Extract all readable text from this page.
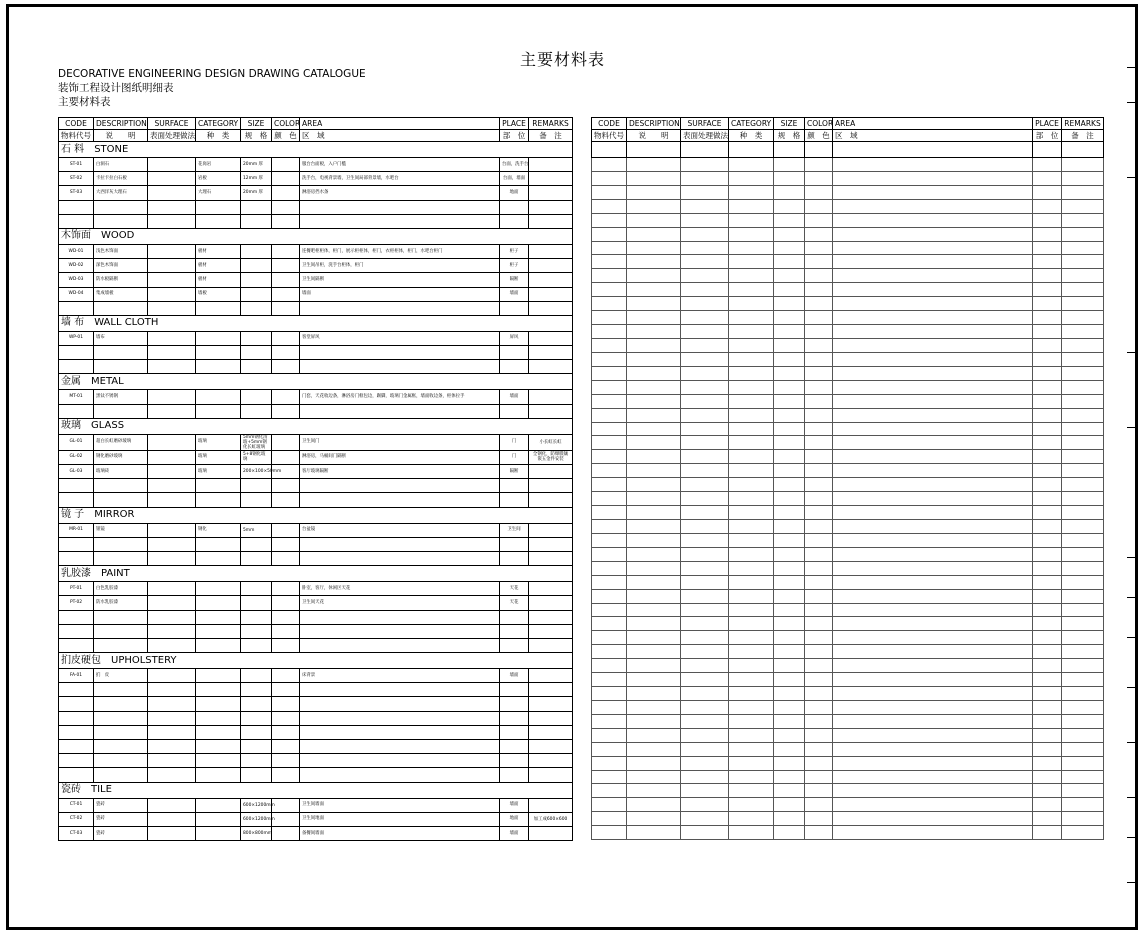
主要材料表
DECORATIVE ENGINEERING DESIGN DRAWING CATALOGUE
装饰工程设计图纸明细表
主要材料表
CODE	DESCRIPTION	SURFACE	CATEGORY	SIZE	COLOR	AREA	PLACE	REMARKS
物料代号	说　　明	表面处理做法	种　类	规　格	颜　色	区　域	部　位	备　注
石 料 STONE								
ST-01	白洞石		花岗岩	20mm 厚		服台台面板，入户门槛	台面，洗手台	
ST-02	卡拉卡拉白石板		岩板	12mm 厚		洗手台，电视背景墙，卫生间局部背景墙，水吧台	台面，墙面	
ST-03	大西洋灰大理石		大理石	20mm 厚		淋浴房挡水条	地面	

木饰面 WOOD								
WD-01	浅色木饰面		板材			连餐吧柜柜体，柜门，展示柜柜体，柜门，衣柜柜体，柜门，水吧台柜门	柜子	
WD-02	深色木饰面		板材			卫生间吊柜，洗手台柜体，柜门	柜子	
WD-03	防水板隔断		板材			卫生间隔断	隔断	
WD-04	集成墙板		墙板			墙面	墙面	

墙 布 WALL CLOTH								
WP-01	墙布					客堂屏风	屏风	

金属 METAL								
MT-01	黑钛不锈钢					门套，天花收边条，淋浴房门框包边，踢脚，玻璃门金属框，墙面收边条，柜体拉手	墙面	

玻璃 GLASS								
GL-01	超白长虹磨砂玻璃		玻璃	5mm钢化清玻+5mm钢化长虹玻璃		卫生间门	门	小长虹长虹
GL-02	钢化磨砂玻璃		玻璃	5+8钢化玻璃		淋浴房，马桶间门隔断	门	全钢化，防爆膜镶嵌五金件安装
GL-03	玻璃砖		玻璃	200×100×50mm		客厅玻璃隔断	隔断	

镜 子 MIRROR								
MR-01	银镜		钢化	5mm		台盆镜	卫生间	

乳胶漆 PAINT								
PT-01	白色乳胶漆					卧室，客厅，休闲区天花	天花	
PT-02	防水乳胶漆					卫生间天花	天花	

扪皮硬包 UPHOLSTERY								
FA-01	扪　皮					床背景	墙面	

瓷砖 TILE								
CT-01	瓷砖			600×1200mm		卫生间墙面	墙面	
CT-02	瓷砖			600×1200mm		卫生间地面	地面	加工成600×600
CT-03	瓷砖			800×800mm		备餐间墙面	墙面	
CODE	DESCRIPTION	SURFACE	CATEGORY	SIZE	COLOR	AREA	PLACE	REMARKS
物料代号	说　　明	表面处理做法	种　类	规　格	颜　色	区　域	部　位	备　注
